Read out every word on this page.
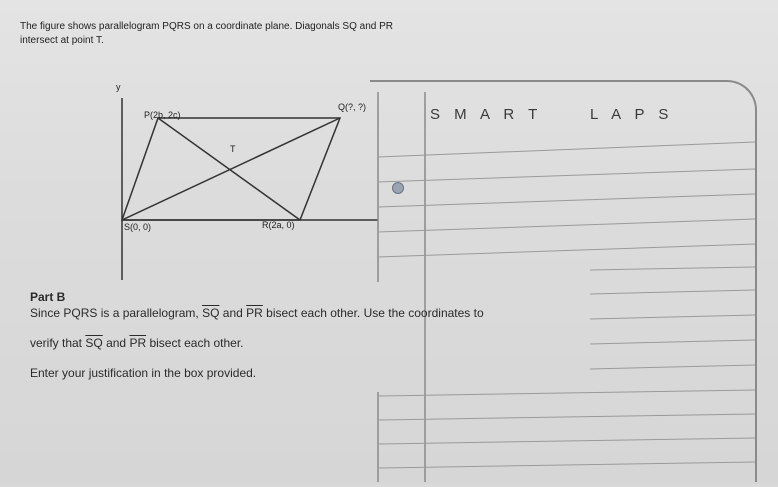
The figure shows parallelogram PQRS on a coordinate plane. Diagonals SQ and PR
intersect at point T.
y
P(2b, 2c)
Q(?, ?)
T
S(0, 0)	R(2a, 0)
S M A R T	L A P S
Part B
Since PQRS is a parallelogram, $\overline{SQ}$ and $\overline{PR}$ bisect each other. Use the coordinates to
verify that $\overline{SQ}$ and $\overline{PR}$ bisect each other.
Enter your justification in the box provided.
